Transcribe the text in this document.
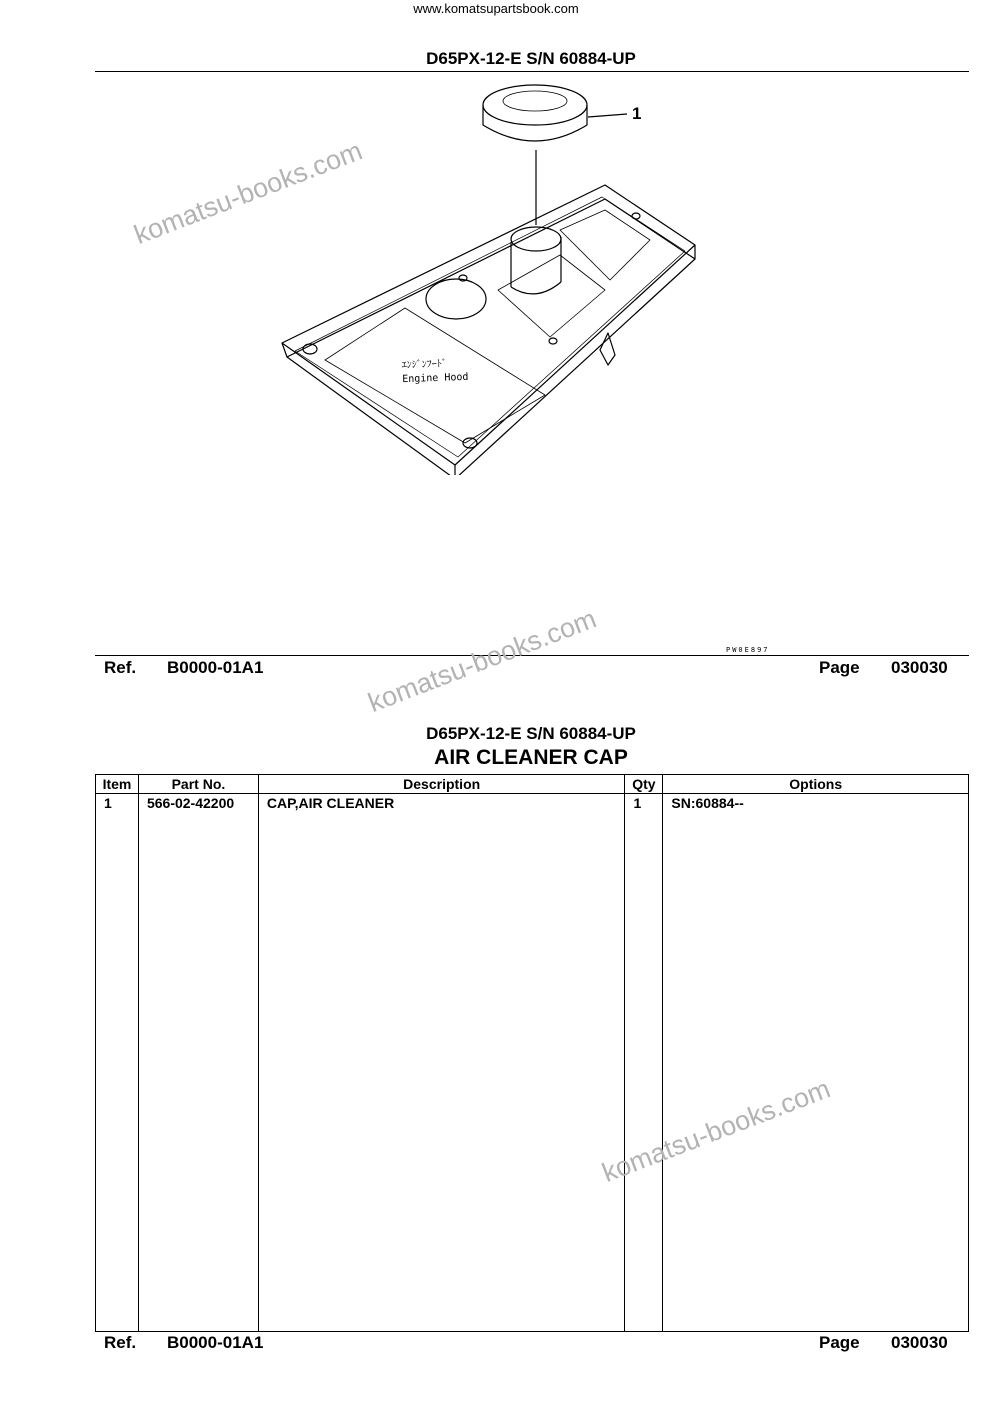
www.komatsupartsbook.com
D65PX-12-E S/N 60884-UP
1
ｴﾝｼﾞﾝﾌｰﾄﾞ
Engine Hood
PW0E897
Ref. B0000-01A1	Page 030030
D65PX-12-E S/N 60884-UP
AIR CLEANER CAP
Item	Part No.	Description	Qty	Options
1	566-02-42200	CAP,AIR CLEANER	1	SN:60884--

Ref. B0000-01A1	Page 030030
komatsu-books.com
komatsu-books.com
komatsu-books.com
